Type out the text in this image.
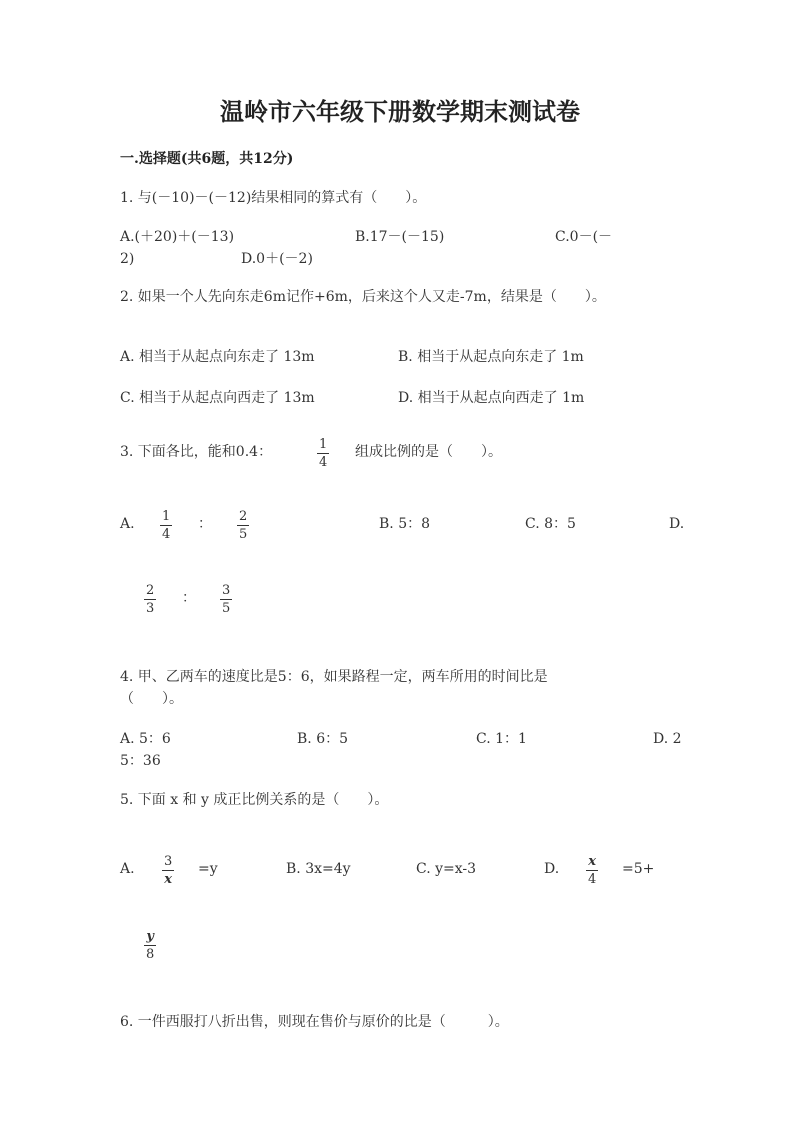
温岭市六年级下册数学期末测试卷
一.选择题(共6题，共12分)
1. 与(－10)－(－12)结果相同的算式有（　　）。
A.(＋20)＋(－13)	B.17－(－15)	C.0－(－
2)	D.0＋(－2)
2. 如果一个人先向东走6m记作+6m，后来这个人又走-7m，结果是（　　）。
A. 相当于从起点向东走了 13m	B. 相当于从起点向东走了 1m
C. 相当于从起点向西走了 13m	D. 相当于从起点向西走了 1m
3. 下面各比，能和0.4：	1
4
组成比例的是（　　）。
A. 1
4
： 2
5
B. 5：8	C. 8：5	D.
2
3
： 3
5
4. 甲、乙两车的速度比是5：6，如果路程一定，两车所用的时间比是
（　　）。
A. 5：6	B. 6：5	C. 1：1	D. 2
5：36
5. 下面 x 和 y 成正比例关系的是（　　）。
A. 3
x
=y	B. 3x=4y	C. y=x-3	D. x
4
=5+
y
8
6. 一件西服打八折出售，则现在售价与原价的比是（　　　）。
